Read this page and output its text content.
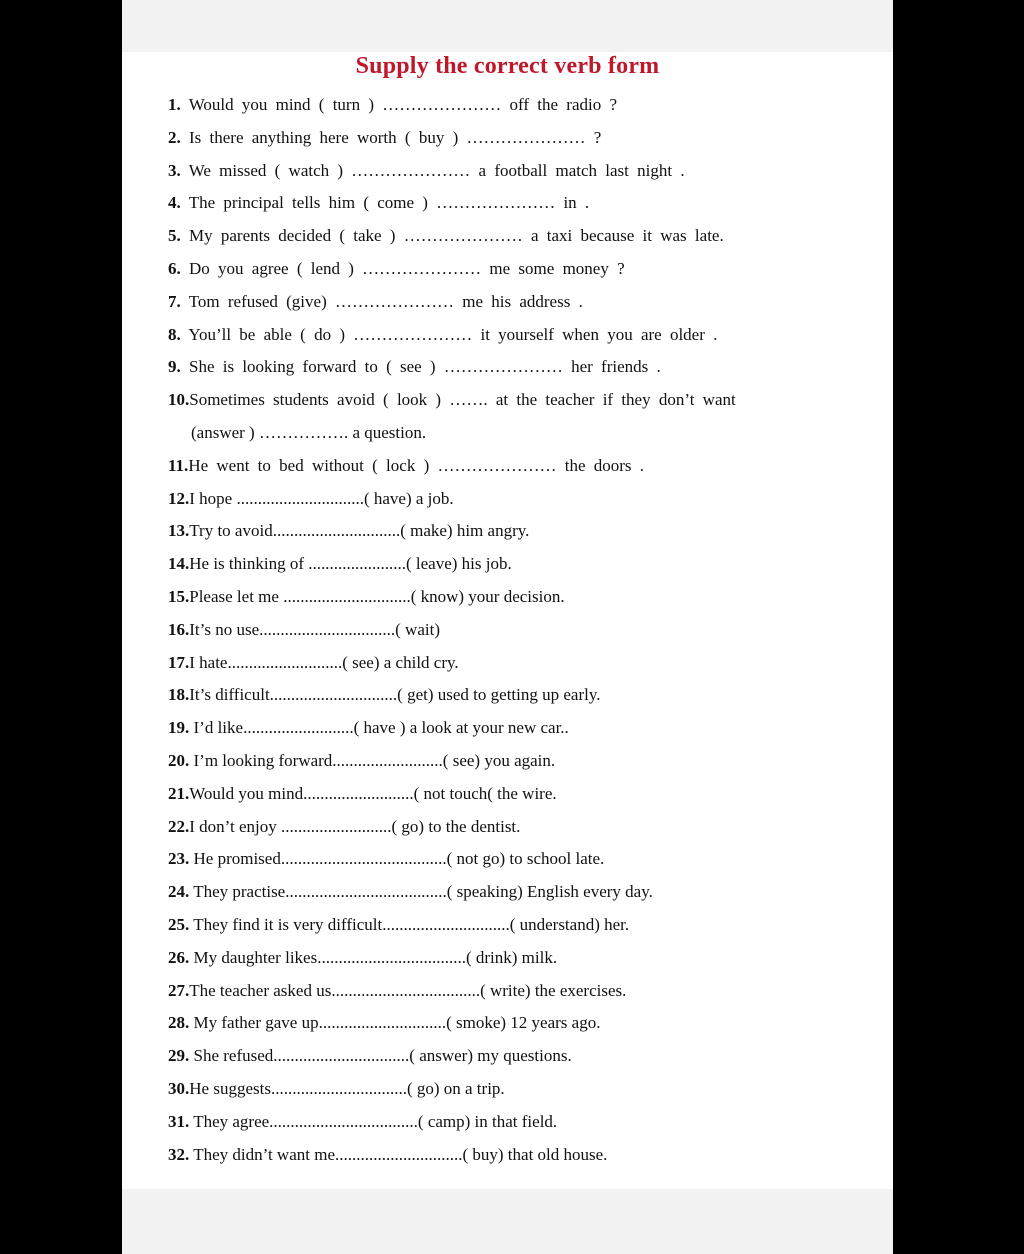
Supply the correct verb form
1. Would you mind ( turn ) ………………… off the radio ?
2. Is there anything here worth ( buy ) ………………… ?
3. We missed ( watch ) ………………… a football match last night .
4. The principal tells him ( come ) ………………… in .
5. My parents decided ( take ) ………………… a taxi because it was late.
6. Do you agree ( lend ) ………………… me some money ?
7. Tom refused (give) ………………… me his address .
8. You’ll be able ( do ) ………………… it yourself when you are older .
9. She is looking forward to ( see ) ………………… her friends .
10.Sometimes students avoid ( look ) ……. at the teacher if they don’t want
(answer ) ……………. a question.
11.He went to bed without ( lock ) ………………… the doors .
12.I hope ..............................( have) a job.
13.Try to avoid..............................( make) him angry.
14.He is thinking of .......................( leave) his job.
15.Please let me ..............................( know) your decision.
16.It’s no use................................( wait)
17.I hate...........................( see) a child cry.
18.It’s difficult..............................( get) used to getting up early.
19. I’d like..........................( have ) a look at your new car..
20. I’m looking forward..........................( see) you again.
21.Would you mind..........................( not touch( the wire.
22.I don’t enjoy ..........................( go) to the dentist.
23. He promised.......................................( not go) to school late.
24. They practise......................................( speaking) English every day.
25. They find it is very difficult..............................( understand) her.
26. My daughter likes...................................( drink) milk.
27.The teacher asked us...................................( write) the exercises.
28. My father gave up..............................( smoke) 12 years ago.
29. She refused................................( answer) my questions.
30.He suggests................................( go) on a trip.
31. They agree...................................( camp) in that field.
32. They didn’t want me..............................( buy) that old house.
